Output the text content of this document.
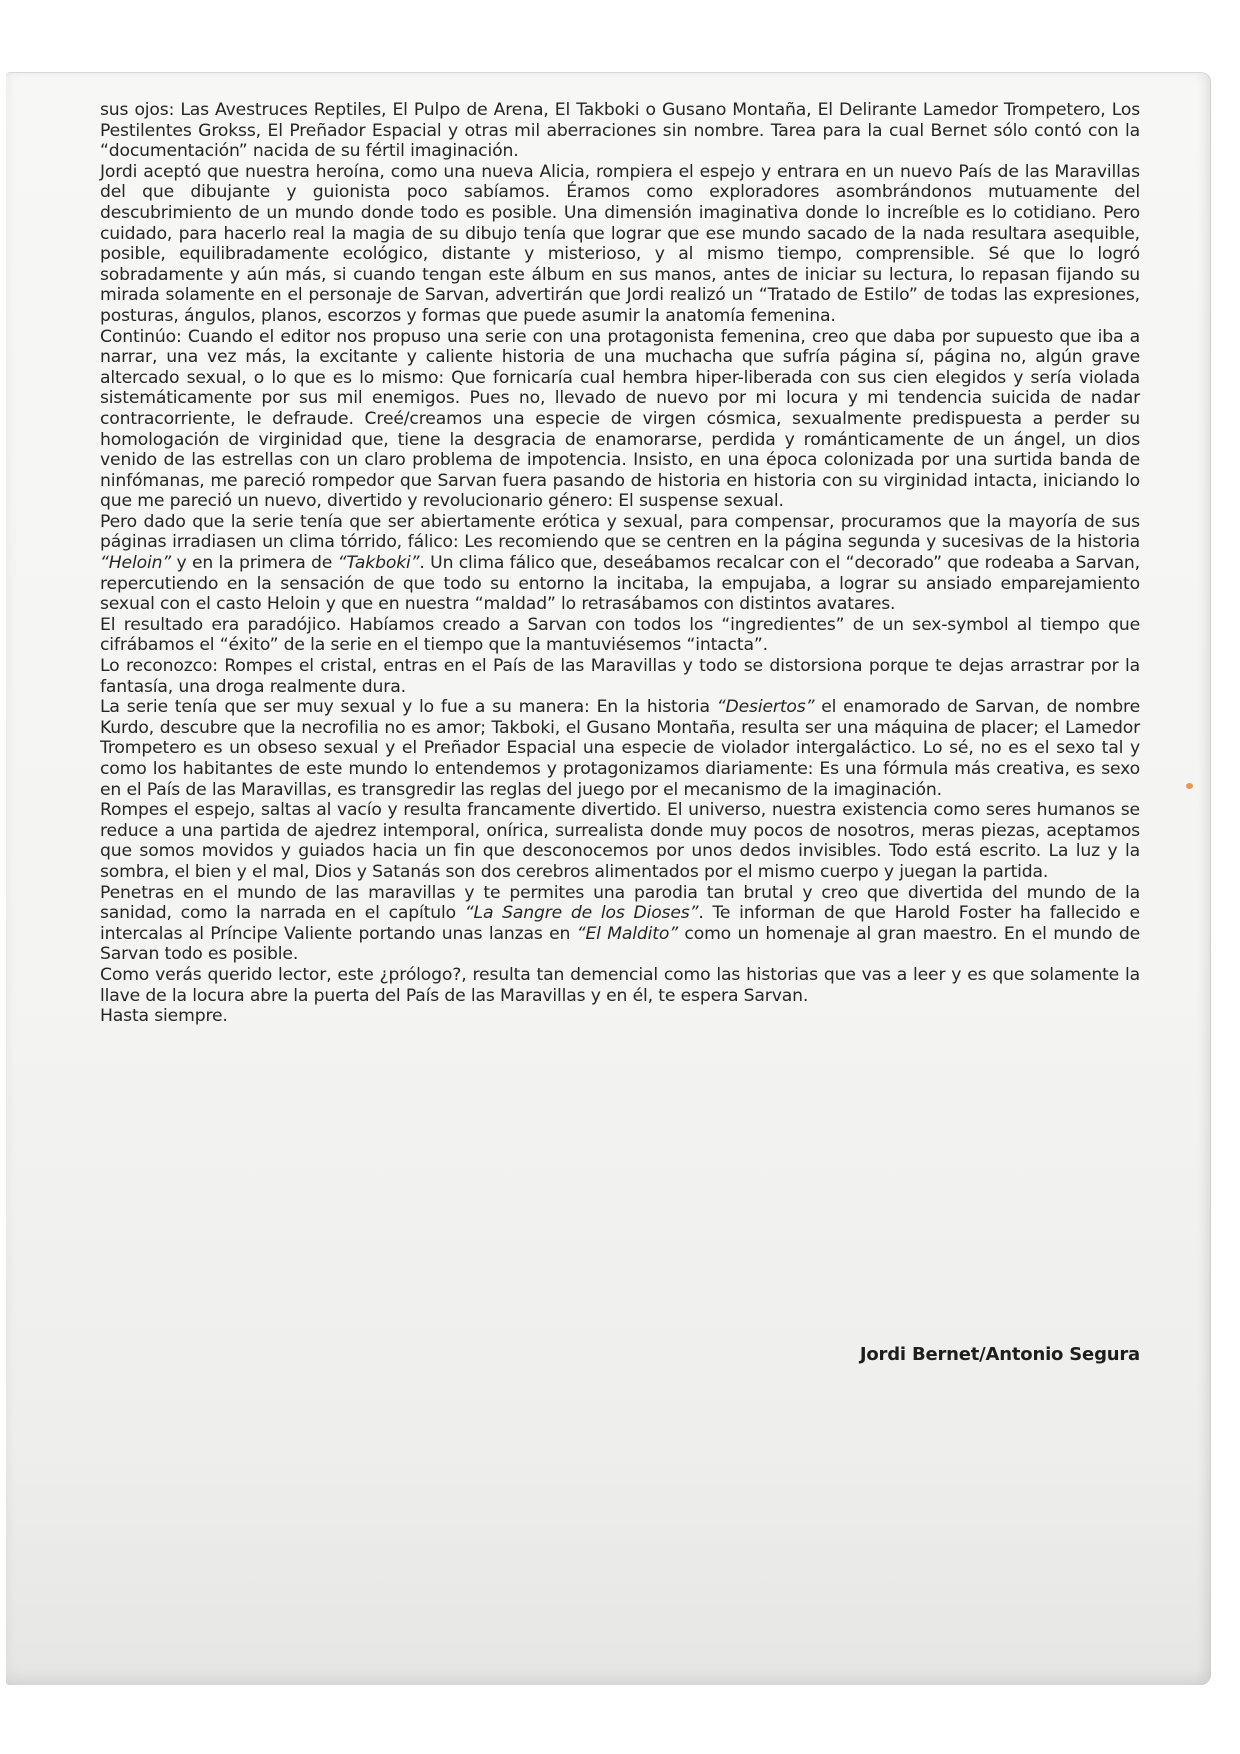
sus ojos: Las Avestruces Reptiles, El Pulpo de Arena, El Takboki o Gusano Montaña, El Delirante Lamedor Trompetero, Los Pestilentes Grokss, El Preñador Espacial y otras mil aberraciones sin nombre. Tarea para la cual Bernet sólo contó con la “documentación” nacida de su fértil imaginación.

Jordi aceptó que nuestra heroína, como una nueva Alicia, rompiera el espejo y entrara en un nuevo País de las Maravillas del que dibujante y guionista poco sabíamos. Éramos como exploradores asombrándonos mutuamente del descubrimiento de un mundo donde todo es posible. Una dimensión imaginativa donde lo increíble es lo cotidiano. Pero cuidado, para hacerlo real la magia de su dibujo tenía que lograr que ese mundo sacado de la nada resultara asequible, posible, equilibradamente ecológico, distante y misterioso, y al mismo tiempo, comprensible. Sé que lo logró sobradamente y aún más, si cuando tengan este álbum en sus manos, antes de iniciar su lectura, lo repasan fijando su mirada solamente en el personaje de Sarvan, advertirán que Jordi realizó un “Tratado de Estilo” de todas las expresiones, posturas, ángulos, planos, escorzos y formas que puede asumir la anatomía femenina.

Continúo: Cuando el editor nos propuso una serie con una protagonista femenina, creo que daba por supuesto que iba a narrar, una vez más, la excitante y caliente historia de una muchacha que sufría página sí, página no, algún grave altercado sexual, o lo que es lo mismo: Que fornicaría cual hembra hiper-liberada con sus cien elegidos y sería violada sistemáticamente por sus mil enemigos. Pues no, llevado de nuevo por mi locura y mi tendencia suicida de nadar contracorriente, le defraude. Creé/creamos una especie de virgen cósmica, sexualmente predispuesta a perder su homologación de virginidad que, tiene la desgracia de enamorarse, perdida y románticamente de un ángel, un dios venido de las estrellas con un claro problema de impotencia. Insisto, en una época colonizada por una surtida banda de ninfómanas, me pareció rompedor que Sarvan fuera pasando de historia en historia con su virginidad intacta, iniciando lo que me pareció un nuevo, divertido y revolucionario género: El suspense sexual.

Pero dado que la serie tenía que ser abiertamente erótica y sexual, para compensar, procuramos que la mayoría de sus páginas irradiasen un clima tórrido, fálico: Les recomiendo que se centren en la página segunda y sucesivas de la historia “Heloin” y en la primera de “Takboki”. Un clima fálico que, deseábamos recalcar con el “decorado” que rodeaba a Sarvan, repercutiendo en la sensación de que todo su entorno la incitaba, la empujaba, a lograr su ansiado emparejamiento sexual con el casto Heloin y que en nuestra “maldad” lo retrasábamos con distintos avatares.

El resultado era paradójico. Habíamos creado a Sarvan con todos los “ingredientes” de un sex-symbol al tiempo que cifrábamos el “éxito” de la serie en el tiempo que la mantuviésemos “intacta”.

Lo reconozco: Rompes el cristal, entras en el País de las Maravillas y todo se distorsiona porque te dejas arrastrar por la fantasía, una droga realmente dura.

La serie tenía que ser muy sexual y lo fue a su manera: En la historia “Desiertos” el enamorado de Sarvan, de nombre Kurdo, descubre que la necrofilia no es amor; Takboki, el Gusano Montaña, resulta ser una máquina de placer; el Lamedor Trompetero es un obseso sexual y el Preñador Espacial una especie de violador intergaláctico. Lo sé, no es el sexo tal y como los habitantes de este mundo lo entendemos y protagonizamos diariamente: Es una fórmula más creativa, es sexo en el País de las Maravillas, es transgredir las reglas del juego por el mecanismo de la imaginación.

Rompes el espejo, saltas al vacío y resulta francamente divertido. El universo, nuestra existencia como seres humanos se reduce a una partida de ajedrez intemporal, onírica, surrealista donde muy pocos de nosotros, meras piezas, aceptamos que somos movidos y guiados hacia un fin que desconocemos por unos dedos invisibles. Todo está escrito. La luz y la sombra, el bien y el mal, Dios y Satanás son dos cerebros alimentados por el mismo cuerpo y juegan la partida.

Penetras en el mundo de las maravillas y te permites una parodia tan brutal y creo que divertida del mundo de la sanidad, como la narrada en el capítulo “La Sangre de los Dioses”. Te informan de que Harold Foster ha fallecido e intercalas al Príncipe Valiente portando unas lanzas en “El Maldito” como un homenaje al gran maestro. En el mundo de Sarvan todo es posible.

Como verás querido lector, este ¿prólogo?, resulta tan demencial como las historias que vas a leer y es que solamente la llave de la locura abre la puerta del País de las Maravillas y en él, te espera Sarvan.

Hasta siempre.

Jordi Bernet/Antonio Segura
